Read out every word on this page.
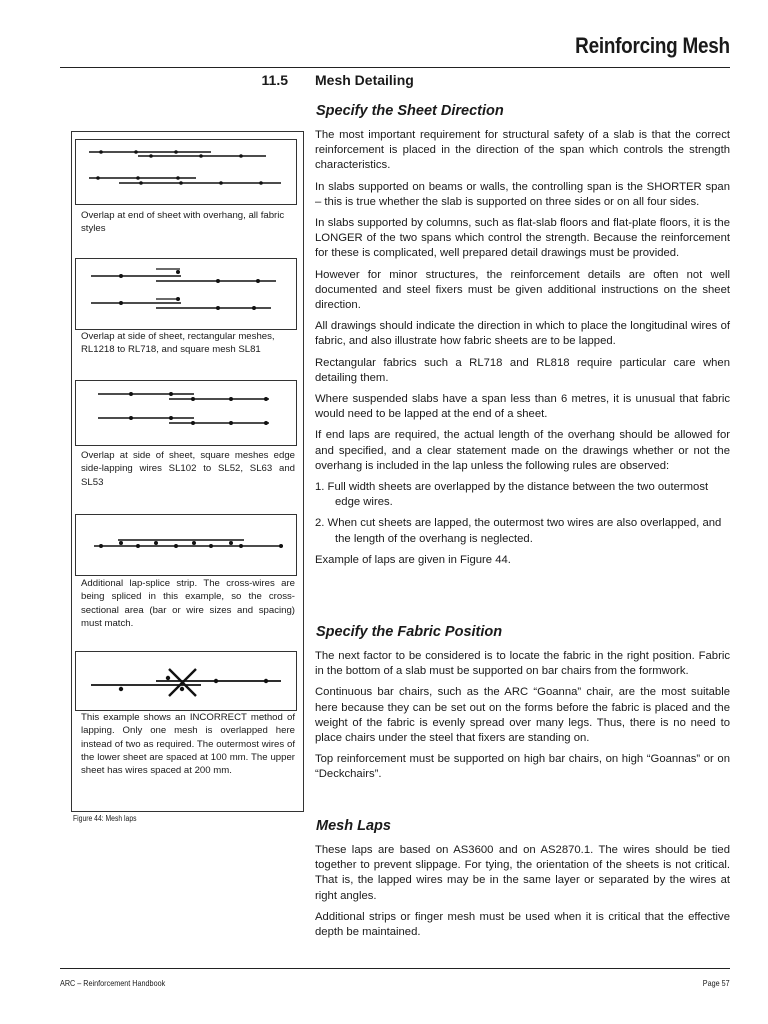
Reinforcing Mesh
11.5 Mesh Detailing
Specify the Sheet Direction

The most important requirement for structural safety of a slab is that the correct reinforcement is placed in the direction of the span which controls the strength characteristics.

In slabs supported on beams or walls, the controlling span is the SHORTER span – this is true whether the slab is supported on three sides or on all four sides.

In slabs supported by columns, such as flat-slab floors and flat-plate floors, it is the LONGER of the two spans which control the strength. Because the reinforcement for these is complicated, well prepared detail drawings must be provided.

However for minor structures, the reinforcement details are often not well documented and steel fixers must be given additional instructions on the sheet direction.

All drawings should indicate the direction in which to place the longitudinal wires of fabric, and also illustrate how fabric sheets are to be lapped.

Rectangular fabrics such a RL718 and RL818 require particular care when detailing them.

Where suspended slabs have a span less than 6 metres, it is unusual that fabric would need to be lapped at the end of a sheet.

If end laps are required, the actual length of the overhang should be allowed for and specified, and a clear statement made on the drawings whether or not the overhang is included in the lap unless the following rules are observed:

1. Full width sheets are overlapped by the distance between the two outermost edge wires.

2. When cut sheets are lapped, the outermost two wires are also overlapped, and the length of the overhang is neglected.

Example of laps are given in Figure 44.

Specify the Fabric Position

The next factor to be considered is to locate the fabric in the right position. Fabric in the bottom of a slab must be supported on bar chairs from the formwork.

Continuous bar chairs, such as the ARC “Goanna” chair, are the most suitable here because they can be set out on the forms before the fabric is placed and the weight of the fabric is evenly spread over many legs. Thus, there is no need to place chairs under the steel that fixers are standing on.

Top reinforcement must be supported on high bar chairs, on high “Goannas” or on “Deckchairs”.

Mesh Laps

These laps are based on AS3600 and on AS2870.1. The wires should be tied together to prevent slippage. For tying, the orientation of the sheets is not critical. That is, the lapped wires may be in the same layer or separated by the wires at right angles.

Additional strips or finger mesh must be used when it is critical that the effective depth be maintained.

Overlap at end of sheet with overhang, all fabric styles
Overlap at side of sheet, rectangular meshes, RL1218 to RL718, and square mesh SL81
Overlap at side of sheet, square meshes edge side-lapping wires SL102 to SL52, SL63 and SL53
Additional lap-splice strip. The cross-wires are being spliced in this example, so the cross-sectional area (bar or wire sizes and spacing) must match.
This example shows an INCORRECT method of lapping. Only one mesh is overlapped here instead of two as required. The outermost wires of the lower sheet are spaced at 100 mm. The upper sheet has wires spaced at 200 mm.
Figure 44: Mesh laps
ARC – Reinforcement Handbook	Page 57
